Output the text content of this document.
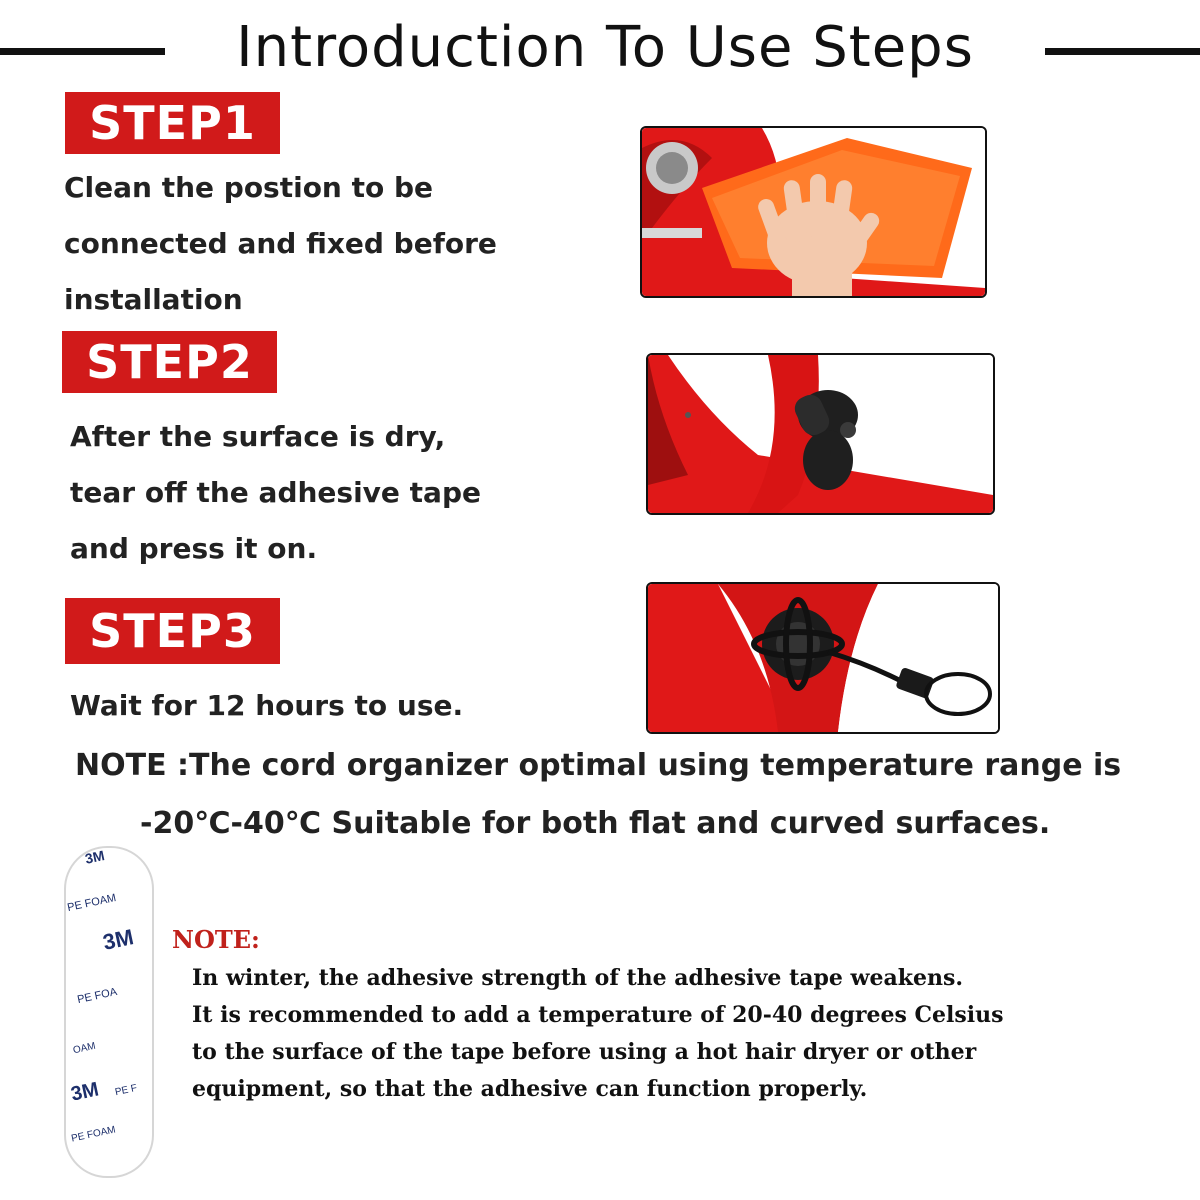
Introduction To Use Steps
STEP1
Clean the postion to be
connected and fixed before
installation
STEP2
After the surface is dry,
tear off the adhesive tape
and press it on.
STEP3
Wait for 12 hours to use.
NOTE :The cord organizer optimal using temperature range is
-20℃-40℃ Suitable for both flat and curved surfaces.
3M
PE FOAM
3M
PE FOA
OAM
3M PE F
PE FOAM
NOTE:
In winter, the adhesive strength of the adhesive tape weakens.
It is recommended to add a temperature of 20-40 degrees Celsius
to the surface of the tape before using a hot hair dryer or other
equipment, so that the adhesive can function properly.
